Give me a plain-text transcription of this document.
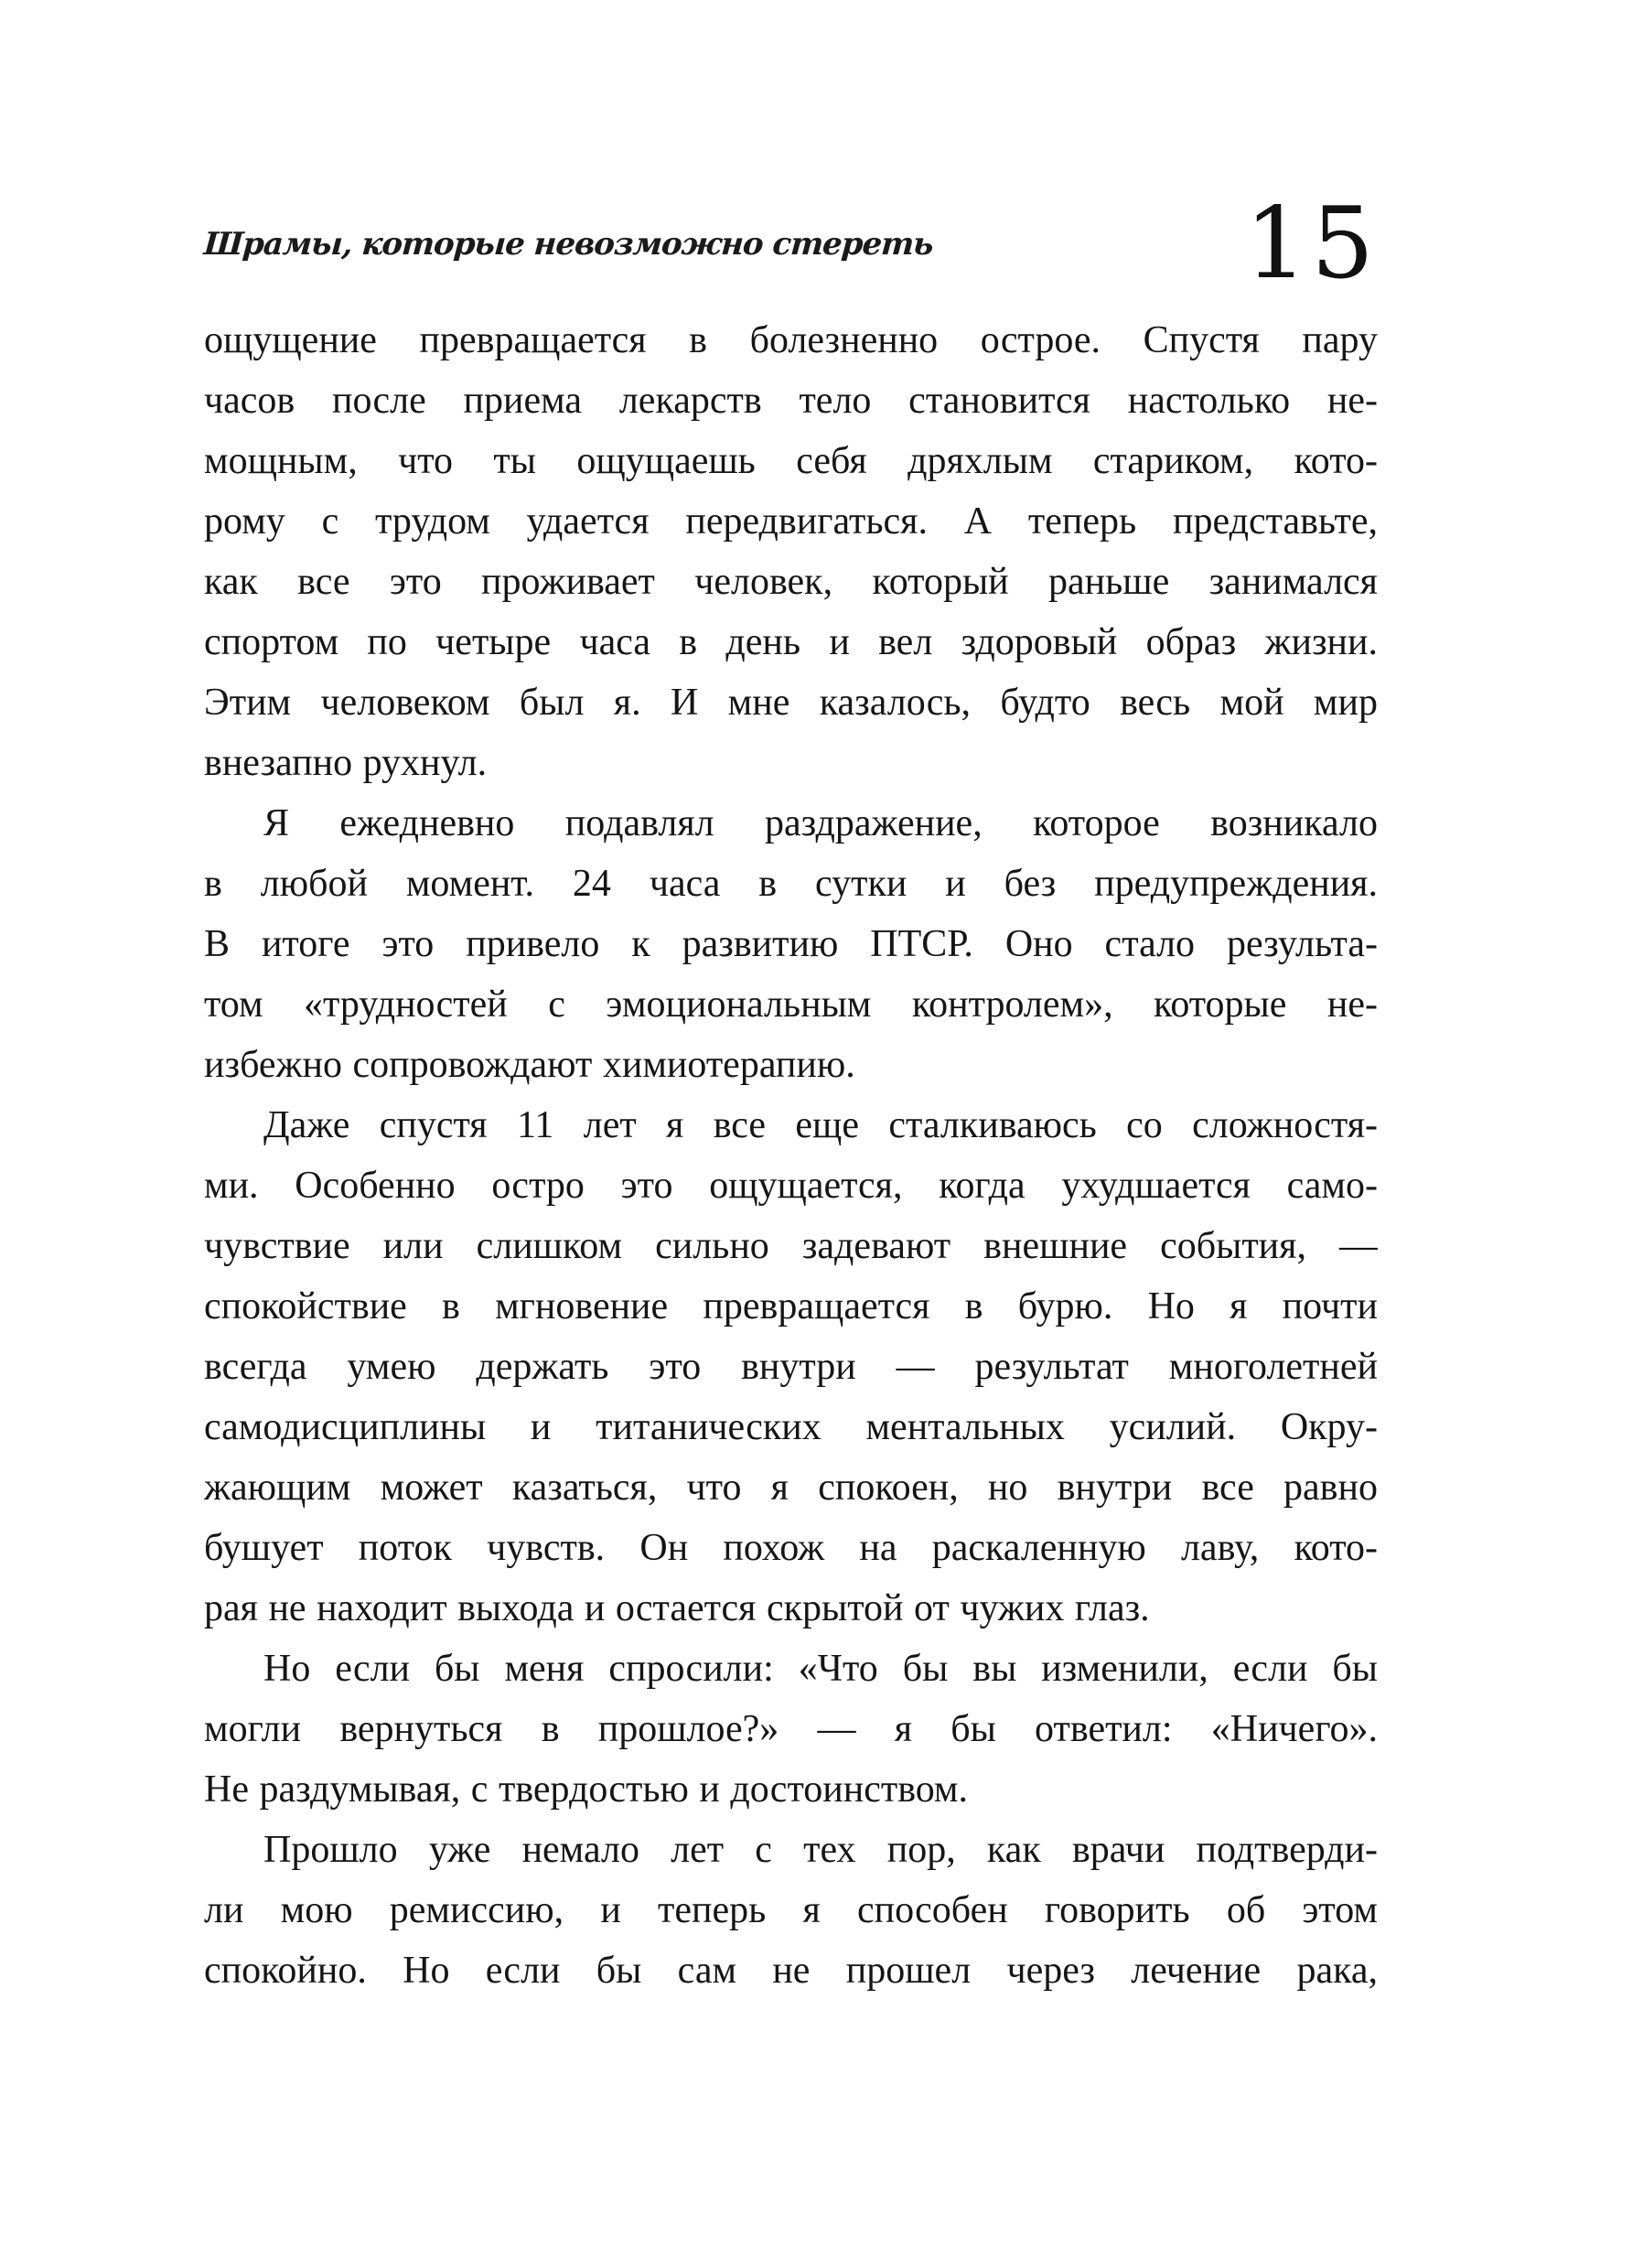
Шрамы, которые невозможно стереть	15
ощущение превращается в болезненно острое. Спустя пару
часов после приема лекарств тело становится настолько не-
мощным, что ты ощущаешь себя дряхлым стариком, кото-
рому с трудом удается передвигаться. А теперь представьте,
как все это проживает человек, который раньше занимался
спортом по четыре часа в день и вел здоровый образ жизни.
Этим человеком был я. И мне казалось, будто весь мой мир
внезапно рухнул.
Я ежедневно подавлял раздражение, которое возникало
в любой момент. 24 часа в сутки и без предупреждения.
В итоге это привело к развитию ПТСР. Оно стало результа-
том «трудностей с эмоциональным контролем», которые не-
избежно сопровождают химиотерапию.
Даже спустя 11 лет я все еще сталкиваюсь со сложностя-
ми. Особенно остро это ощущается, когда ухудшается само-
чувствие или слишком сильно задевают внешние события, —
спокойствие в мгновение превращается в бурю. Но я почти
всегда умею держать это внутри — результат многолетней
самодисциплины и титанических ментальных усилий. Окру-
жающим может казаться, что я спокоен, но внутри все равно
бушует поток чувств. Он похож на раскаленную лаву, кото-
рая не находит выхода и остается скрытой от чужих глаз.
Но если бы меня спросили: «Что бы вы изменили, если бы
могли вернуться в прошлое?» — я бы ответил: «Ничего».
Не раздумывая, с твердостью и достоинством.
Прошло уже немало лет с тех пор, как врачи подтверди-
ли мою ремиссию, и теперь я способен говорить об этом
спокойно. Но если бы сам не прошел через лечение рака,
